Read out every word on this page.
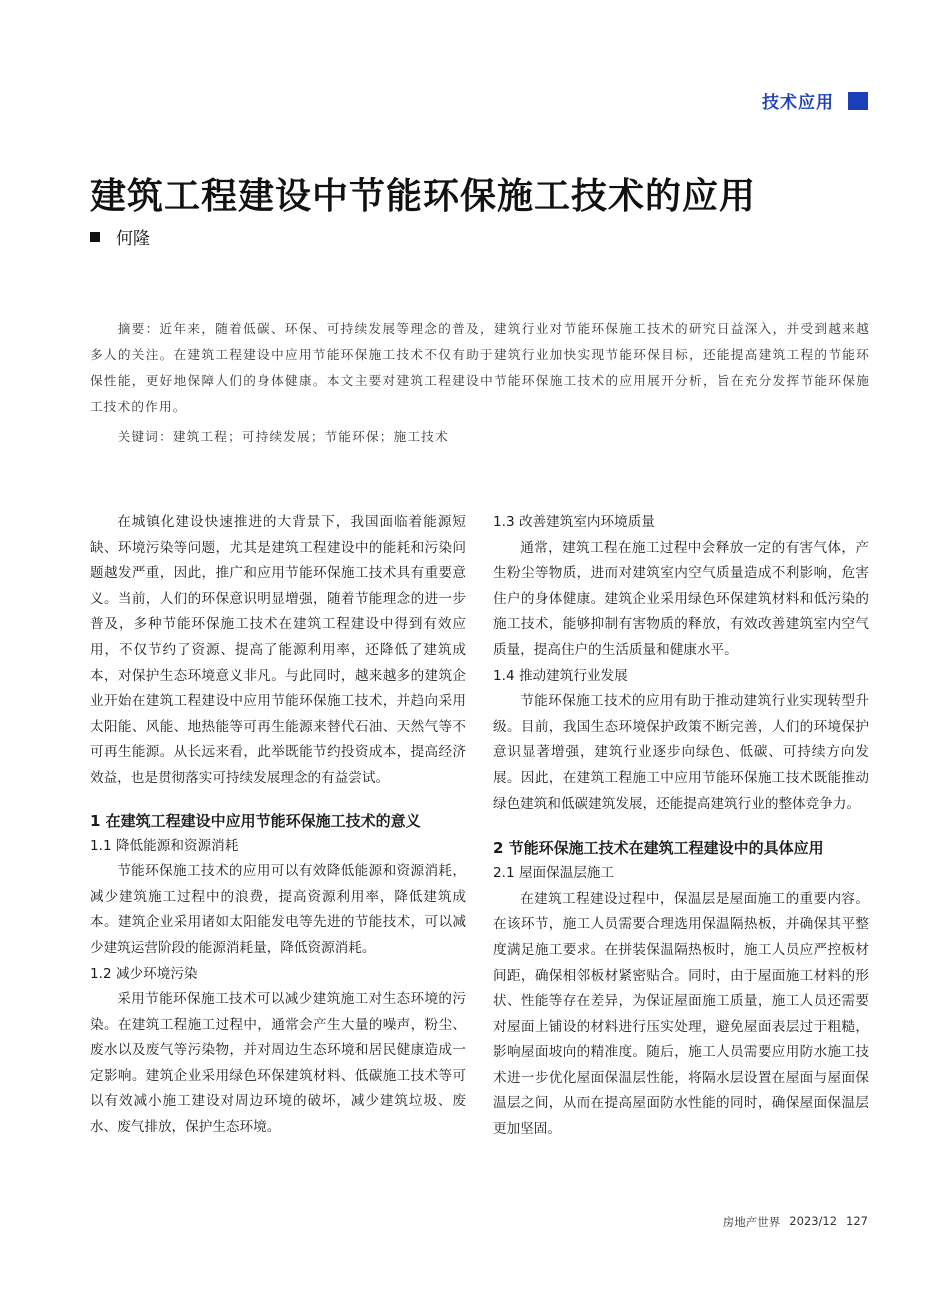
技术应用
建筑工程建设中节能环保施工技术的应用
何隆

摘要：近年来，随着低碳、环保、可持续发展等理念的普及，建筑行业对节能环保施工技术的研究日益深入，并受到越来越多人的关注。在建筑工程建设中应用节能环保施工技术不仅有助于建筑行业加快实现节能环保目标，还能提高建筑工程的节能环保性能，更好地保障人们的身体健康。本文主要对建筑工程建设中节能环保施工技术的应用展开分析，旨在充分发挥节能环保施工技术的作用。

关键词：建筑工程；可持续发展；节能环保；施工技术

在城镇化建设快速推进的大背景下，我国面临着能源短缺、环境污染等问题，尤其是建筑工程建设中的能耗和污染问题越发严重，因此，推广和应用节能环保施工技术具有重要意义。当前，人们的环保意识明显增强，随着节能理念的进一步普及，多种节能环保施工技术在建筑工程建设中得到有效应用，不仅节约了资源、提高了能源利用率，还降低了建筑成本，对保护生态环境意义非凡。与此同时，越来越多的建筑企业开始在建筑工程建设中应用节能环保施工技术，并趋向采用太阳能、风能、地热能等可再生能源来替代石油、天然气等不可再生能源。从长远来看，此举既能节约投资成本，提高经济效益，也是贯彻落实可持续发展理念的有益尝试。

1 在建筑工程建设中应用节能环保施工技术的意义
1.1 降低能源和资源消耗

节能环保施工技术的应用可以有效降低能源和资源消耗，减少建筑施工过程中的浪费，提高资源利用率，降低建筑成本。建筑企业采用诸如太阳能发电等先进的节能技术，可以减少建筑运营阶段的能源消耗量，降低资源消耗。

1.2 减少环境污染

采用节能环保施工技术可以减少建筑施工对生态环境的污染。在建筑工程施工过程中，通常会产生大量的噪声，粉尘、废水以及废气等污染物，并对周边生态环境和居民健康造成一定影响。建筑企业采用绿色环保建筑材料、低碳施工技术等可以有效减小施工建设对周边环境的破坏，减少建筑垃圾、废水、废气排放，保护生态环境。

1.3 改善建筑室内环境质量

通常，建筑工程在施工过程中会释放一定的有害气体，产生粉尘等物质，进而对建筑室内空气质量造成不利影响，危害住户的身体健康。建筑企业采用绿色环保建筑材料和低污染的施工技术，能够抑制有害物质的释放，有效改善建筑室内空气质量，提高住户的生活质量和健康水平。

1.4 推动建筑行业发展

节能环保施工技术的应用有助于推动建筑行业实现转型升级。目前，我国生态环境保护政策不断完善，人们的环境保护意识显著增强，建筑行业逐步向绿色、低碳、可持续方向发展。因此，在建筑工程施工中应用节能环保施工技术既能推动绿色建筑和低碳建筑发展，还能提高建筑行业的整体竞争力。

2 节能环保施工技术在建筑工程建设中的具体应用
2.1 屋面保温层施工

在建筑工程建设过程中，保温层是屋面施工的重要内容。在该环节，施工人员需要合理选用保温隔热板，并确保其平整度满足施工要求。在拼装保温隔热板时，施工人员应严控板材间距，确保相邻板材紧密贴合。同时，由于屋面施工材料的形状、性能等存在差异，为保证屋面施工质量，施工人员还需要对屋面上铺设的材料进行压实处理，避免屋面表层过于粗糙，影响屋面坡向的精准度。随后，施工人员需要应用防水施工技术进一步优化屋面保温层性能，将隔水层设置在屋面与屋面保温层之间，从而在提高屋面防水性能的同时，确保屋面保温层更加坚固。

房地产世界 2023/12 127
